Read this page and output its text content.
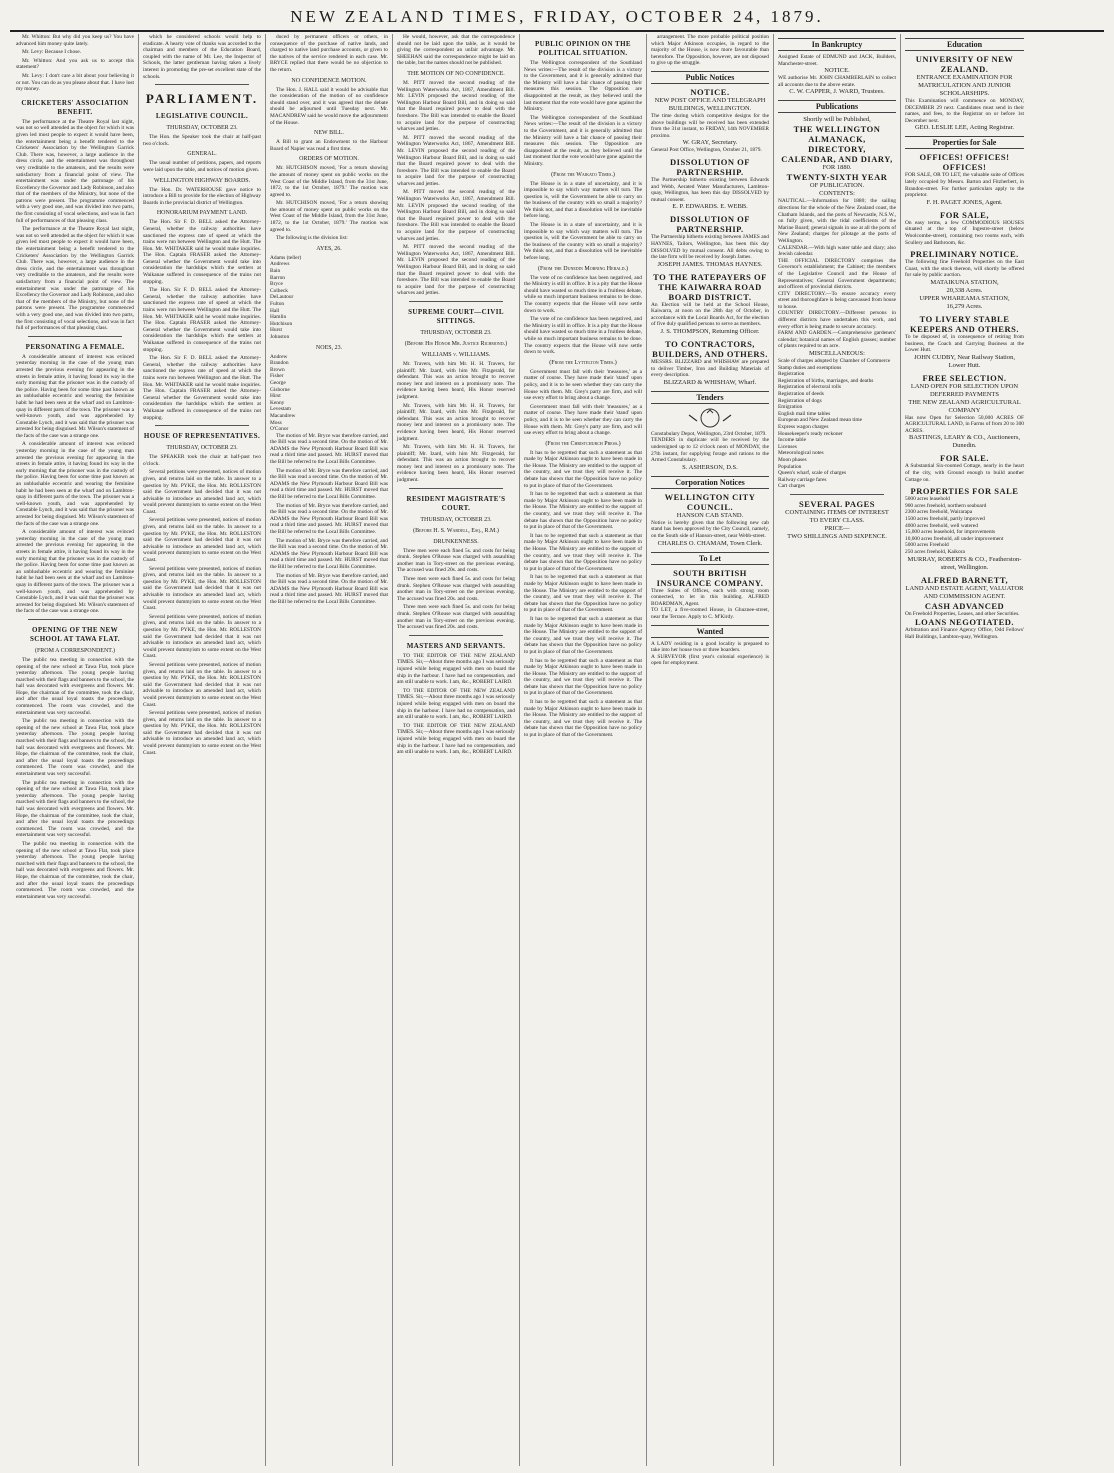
NEW ZEALAND TIMES, FRIDAY, OCTOBER 24, 1879.

Mr. Whitton: But why did you keep us? You have advanced him money quite lately.

Mr. Levy: Because I chose.

Mr. Whitton: And you ask us to accept this statement?

Mr. Levy: I don't care a bit about your believing it or not. You can do as you please about that. I have lost my money.

CRICKETERS' ASSOCIATION BENEFIT.

The performance at the Theatre Royal last night, was not so well attended as the object for which it was given led most people to expect it would have been, the entertainment being a benefit tendered to the Cricketers' Association by the Wellington Garrick Club. There was, however, a large audience in the dress circle, and the entertainment was throughout very creditable to the amateurs, and the results were satisfactory from a financial point of view. The entertainment was under the patronage of his Excellency the Governor and Lady Robinson, and also that of the members of the Ministry, but none of the patrons were present. The programme commenced with a very good one, and was divided into two parts, the first consisting of vocal selections, and was in fact full of performances of that pleasing class.

The performance at the Theatre Royal last night, was not so well attended as the object for which it was given led most people to expect it would have been, the entertainment being a benefit tendered to the Cricketers' Association by the Wellington Garrick Club. There was, however, a large audience in the dress circle, and the entertainment was throughout very creditable to the amateurs, and the results were satisfactory from a financial point of view. The entertainment was under the patronage of his Excellency the Governor and Lady Robinson, and also that of the members of the Ministry, but none of the patrons were present. The programme commenced with a very good one, and was divided into two parts, the first consisting of vocal selections, and was in fact full of performances of that pleasing class.

PERSONATING A FEMALE.

A considerable amount of interest was evinced yesterday morning in the case of the young man arrested the previous evening for appearing in the streets in female attire, it having found its way in the early morning that the prisoner was in the custody of the police. Having been for some time past known as an unblushable eccentric and wearing the feminine habit he had been seen at the wharf and on Lambton-quay in different parts of the town. The prisoner was a well-known youth, and was apprehended by Constable Lynch, and it was said that the prisoner was arrested for being disguised. Mr. Wilson's statement of the facts of the case was a strange one.

A considerable amount of interest was evinced yesterday morning in the case of the young man arrested the previous evening for appearing in the streets in female attire, it having found its way in the early morning that the prisoner was in the custody of the police. Having been for some time past known as an unblushable eccentric and wearing the feminine habit he had been seen at the wharf and on Lambton-quay in different parts of the town. The prisoner was a well-known youth, and was apprehended by Constable Lynch, and it was said that the prisoner was arrested for being disguised. Mr. Wilson's statement of the facts of the case was a strange one.

A considerable amount of interest was evinced yesterday morning in the case of the young man arrested the previous evening for appearing in the streets in female attire, it having found its way in the early morning that the prisoner was in the custody of the police. Having been for some time past known as an unblushable eccentric and wearing the feminine habit he had been seen at the wharf and on Lambton-quay in different parts of the town. The prisoner was a well-known youth, and was apprehended by Constable Lynch, and it was said that the prisoner was arrested for being disguised. Mr. Wilson's statement of the facts of the case was a strange one.

OPENING OF THE NEW SCHOOL AT TAWA FLAT.
(FROM A CORRESPONDENT.)

The public tea meeting in connection with the opening of the new school at Tawa Flat, took place yesterday afternoon. The young people having marched with their flags and banners to the school, the hall was decorated with evergreens and flowers. Mr. Hope, the chairman of the committee, took the chair, and after the usual loyal toasts the proceedings commenced. The room was crowded, and the entertainment was very successful.

The public tea meeting in connection with the opening of the new school at Tawa Flat, took place yesterday afternoon. The young people having marched with their flags and banners to the school, the hall was decorated with evergreens and flowers. Mr. Hope, the chairman of the committee, took the chair, and after the usual loyal toasts the proceedings commenced. The room was crowded, and the entertainment was very successful.

The public tea meeting in connection with the opening of the new school at Tawa Flat, took place yesterday afternoon. The young people having marched with their flags and banners to the school, the hall was decorated with evergreens and flowers. Mr. Hope, the chairman of the committee, took the chair, and after the usual loyal toasts the proceedings commenced. The room was crowded, and the entertainment was very successful.

The public tea meeting in connection with the opening of the new school at Tawa Flat, took place yesterday afternoon. The young people having marched with their flags and banners to the school, the hall was decorated with evergreens and flowers. Mr. Hope, the chairman of the committee, took the chair, and after the usual loyal toasts the proceedings commenced. The room was crowded, and the entertainment was very successful.

which he considered schools would help to eradicate. A hearty vote of thanks was accorded to the chairman and members of the Education Board, coupled with the name of Mr. Lee, the Inspector of Schools, the latter gentleman having taken a lively interest in promoting the pre-set excellent state of the schools.

PARLIAMENT.
LEGISLATIVE COUNCIL.
THURSDAY, OCTOBER 23.

The Hon. the Speaker took the chair at half-past two o'clock.

GENERAL.

The usual number of petitions, papers, and reports were laid upon the table, and notices of motion given.

WELLINGTON HIGHWAY BOARDS.

The Hon. Dr. WATERHOUSE gave notice to introduce a Bill to provide for the election of Highway Boards in the provincial district of Wellington.

HONORARIUM PAYMENT LAND.

The Hon. Sir F. D. BELL asked the Attorney-General, whether the railway authorities have sanctioned the express rate of speed at which the trains were run between Wellington and the Hutt. The Hon. Mr. WHITAKER said he would make inquiries. The Hon. Captain FRASER asked the Attorney-General whether the Government would take into consideration the hardships which the settlers at Waikanae suffered in consequence of the trains not stopping.

The Hon. Sir F. D. BELL asked the Attorney-General, whether the railway authorities have sanctioned the express rate of speed at which the trains were run between Wellington and the Hutt. The Hon. Mr. WHITAKER said he would make inquiries. The Hon. Captain FRASER asked the Attorney-General whether the Government would take into consideration the hardships which the settlers at Waikanae suffered in consequence of the trains not stopping.

The Hon. Sir F. D. BELL asked the Attorney-General, whether the railway authorities have sanctioned the express rate of speed at which the trains were run between Wellington and the Hutt. The Hon. Mr. WHITAKER said he would make inquiries. The Hon. Captain FRASER asked the Attorney-General whether the Government would take into consideration the hardships which the settlers at Waikanae suffered in consequence of the trains not stopping.

HOUSE OF REPRESENTATIVES.
THURSDAY, OCTOBER 23.

The SPEAKER took the chair at half-past two o'clock.

Several petitions were presented, notices of motion given, and returns laid on the table. In answer to a question by Mr. PYKE, the Hon. Mr. ROLLESTON said the Government had decided that it was not advisable to introduce an amended land act, which would prevent dummyism to some extent on the West Coast.

Several petitions were presented, notices of motion given, and returns laid on the table. In answer to a question by Mr. PYKE, the Hon. Mr. ROLLESTON said the Government had decided that it was not advisable to introduce an amended land act, which would prevent dummyism to some extent on the West Coast.

Several petitions were presented, notices of motion given, and returns laid on the table. In answer to a question by Mr. PYKE, the Hon. Mr. ROLLESTON said the Government had decided that it was not advisable to introduce an amended land act, which would prevent dummyism to some extent on the West Coast.

Several petitions were presented, notices of motion given, and returns laid on the table. In answer to a question by Mr. PYKE, the Hon. Mr. ROLLESTON said the Government had decided that it was not advisable to introduce an amended land act, which would prevent dummyism to some extent on the West Coast.

Several petitions were presented, notices of motion given, and returns laid on the table. In answer to a question by Mr. PYKE, the Hon. Mr. ROLLESTON said the Government had decided that it was not advisable to introduce an amended land act, which would prevent dummyism to some extent on the West Coast.

Several petitions were presented, notices of motion given, and returns laid on the table. In answer to a question by Mr. PYKE, the Hon. Mr. ROLLESTON said the Government had decided that it was not advisable to introduce an amended land act, which would prevent dummyism to some extent on the West Coast.

duced by permanent officers or others, in consequence of the purchase of native lands, and charged to native land purchase accounts, or given to the natives of the service rendered in each case. Mr. BRYCE replied that there would be no objection to the return.

NO CONFIDENCE MOTION.

The Hon. J. HALL said it would be advisable that the consideration of the motion of no confidence should stand over, and it was agreed that the debate should be adjourned until Tuesday next. Mr. MACANDREW said he would move the adjournment of the House.

NEW BILL.

A Bill to grant an Endowment to the Harbour Board of Napier was read a first time.

ORDERS OF MOTION.

Mr. HUTCHISON moved, 'For a return showing the amount of money spent on public works on the West Coast of the Middle Island, from the 31st June, 1872, to the 1st October, 1879.' The motion was agreed to.

Mr. HUTCHISON moved, 'For a return showing the amount of money spent on public works on the West Coast of the Middle Island, from the 31st June, 1872, to the 1st October, 1879.' The motion was agreed to.

The following is the division list:

AYES, 26.
Adams (teller)
Andrews
Bain
Barron
Bryce
Colbeck
DeLautour
Fulton
Hall
Hamlin
Hutchison
Hurst
Johnston
NOES, 23.
Andrew
Brandon
Brown
Fisher
George
Gisborne
Hirst
Kenny
Levestam
Macandrew
Moss
O'Conor

The motion of Mr. Bryce was therefore carried, and the Bill was read a second time. On the motion of Mr. ADAMS the New Plymouth Harbour Board Bill was read a third time and passed. Mr. HURST moved that the Bill be referred to the Local Bills Committee.

The motion of Mr. Bryce was therefore carried, and the Bill was read a second time. On the motion of Mr. ADAMS the New Plymouth Harbour Board Bill was read a third time and passed. Mr. HURST moved that the Bill be referred to the Local Bills Committee.

The motion of Mr. Bryce was therefore carried, and the Bill was read a second time. On the motion of Mr. ADAMS the New Plymouth Harbour Board Bill was read a third time and passed. Mr. HURST moved that the Bill be referred to the Local Bills Committee.

The motion of Mr. Bryce was therefore carried, and the Bill was read a second time. On the motion of Mr. ADAMS the New Plymouth Harbour Board Bill was read a third time and passed. Mr. HURST moved that the Bill be referred to the Local Bills Committee.

The motion of Mr. Bryce was therefore carried, and the Bill was read a second time. On the motion of Mr. ADAMS the New Plymouth Harbour Board Bill was read a third time and passed. Mr. HURST moved that the Bill be referred to the Local Bills Committee.

He would, however, ask that the correspondence should not be laid upon the table, as it would be giving the correspondent an unfair advantage. Mr. SHEEHAN said the correspondence might be laid on the table, but the names should not be published.

THE MOTION OF NO CONFIDENCE.

M. PITT moved the second reading of the Wellington Waterworks Act, 1867, Amendment Bill. Mr. LEVIN proposed the second reading of the Wellington Harbour Board Bill, and in doing so said that the Board required power to deal with the foreshore. The Bill was intended to enable the Board to acquire land for the purpose of constructing wharves and jetties.

M. PITT moved the second reading of the Wellington Waterworks Act, 1867, Amendment Bill. Mr. LEVIN proposed the second reading of the Wellington Harbour Board Bill, and in doing so said that the Board required power to deal with the foreshore. The Bill was intended to enable the Board to acquire land for the purpose of constructing wharves and jetties.

M. PITT moved the second reading of the Wellington Waterworks Act, 1867, Amendment Bill. Mr. LEVIN proposed the second reading of the Wellington Harbour Board Bill, and in doing so said that the Board required power to deal with the foreshore. The Bill was intended to enable the Board to acquire land for the purpose of constructing wharves and jetties.

M. PITT moved the second reading of the Wellington Waterworks Act, 1867, Amendment Bill. Mr. LEVIN proposed the second reading of the Wellington Harbour Board Bill, and in doing so said that the Board required power to deal with the foreshore. The Bill was intended to enable the Board to acquire land for the purpose of constructing wharves and jetties.

SUPREME COURT—CIVIL SITTINGS.
THURSDAY, OCTOBER 23.
(Before His Honor Mr. Justice Richmond.)
WILLIAMS v. WILLIAMS.

Mr. Travers, with him Mr. H. H. Travers, for plaintiff; Mr. Izard, with him Mr. Fitzgerald, for defendant. This was an action brought to recover money lent and interest on a promissory note. The evidence having been heard, His Honor reserved judgment.

Mr. Travers, with him Mr. H. H. Travers, for plaintiff; Mr. Izard, with him Mr. Fitzgerald, for defendant. This was an action brought to recover money lent and interest on a promissory note. The evidence having been heard, His Honor reserved judgment.

Mr. Travers, with him Mr. H. H. Travers, for plaintiff; Mr. Izard, with him Mr. Fitzgerald, for defendant. This was an action brought to recover money lent and interest on a promissory note. The evidence having been heard, His Honor reserved judgment.

RESIDENT MAGISTRATE'S COURT.
THURSDAY, OCTOBER 23.
(Before H. S. Wardell, Esq., R.M.)
DRUNKENNESS.

Three men were each fined 5s. and costs for being drunk. Stephen O'Rouse was charged with assaulting another man in Tory-street on the previous evening. The accused was fined 20s. and costs.

Three men were each fined 5s. and costs for being drunk. Stephen O'Rouse was charged with assaulting another man in Tory-street on the previous evening. The accused was fined 20s. and costs.

Three men were each fined 5s. and costs for being drunk. Stephen O'Rouse was charged with assaulting another man in Tory-street on the previous evening. The accused was fined 20s. and costs.

MASTERS AND SERVANTS.

TO THE EDITOR OF THE NEW ZEALAND TIMES. Sir,—About three months ago I was seriously injured while being engaged with men on board the ship in the harbour. I have had no compensation, and am still unable to work. I am, &c., ROBERT LAIRD.

TO THE EDITOR OF THE NEW ZEALAND TIMES. Sir,—About three months ago I was seriously injured while being engaged with men on board the ship in the harbour. I have had no compensation, and am still unable to work. I am, &c., ROBERT LAIRD.

TO THE EDITOR OF THE NEW ZEALAND TIMES. Sir,—About three months ago I was seriously injured while being engaged with men on board the ship in the harbour. I have had no compensation, and am still unable to work. I am, &c., ROBERT LAIRD.

PUBLIC OPINION ON THE POLITICAL SITUATION.

The Wellington correspondent of the Southland News writes:—The result of the division is a victory to the Government, and it is generally admitted that the Ministry will have a fair chance of passing their measures this session. The Opposition are disappointed at the result, as they believed until the last moment that the vote would have gone against the Ministry.

The Wellington correspondent of the Southland News writes:—The result of the division is a victory to the Government, and it is generally admitted that the Ministry will have a fair chance of passing their measures this session. The Opposition are disappointed at the result, as they believed until the last moment that the vote would have gone against the Ministry.

(From the Waikato Times.)

The House is in a state of uncertainty, and it is impossible to say which way matters will turn. The question is, will the Government be able to carry on the business of the country with so small a majority? We think not, and that a dissolution will be inevitable before long.

The House is in a state of uncertainty, and it is impossible to say which way matters will turn. The question is, will the Government be able to carry on the business of the country with so small a majority? We think not, and that a dissolution will be inevitable before long.

(From the Dunedin Morning Herald.)

The vote of no confidence has been negatived, and the Ministry is still in office. It is a pity that the House should have wasted so much time in a fruitless debate, while so much important business remains to be done. The country expects that the House will now settle down to work.

The vote of no confidence has been negatived, and the Ministry is still in office. It is a pity that the House should have wasted so much time in a fruitless debate, while so much important business remains to be done. The country expects that the House will now settle down to work.

(From the Lyttelton Times.)

Government must fall with their 'measures,' as a matter of course. They have made their 'stand' upon policy, and it is to be seen whether they can carry the House with them. Mr. Grey's party are firm, and will use every effort to bring about a change.

Government must fall with their 'measures,' as a matter of course. They have made their 'stand' upon policy, and it is to be seen whether they can carry the House with them. Mr. Grey's party are firm, and will use every effort to bring about a change.

(From the Christchurch Press.)

It has to be regretted that such a statement as that made by Major Atkinson ought to have been made in the House. The Ministry are entitled to the support of the country, and we trust they will receive it. The debate has shown that the Opposition have no policy to put in place of that of the Government.

It has to be regretted that such a statement as that made by Major Atkinson ought to have been made in the House. The Ministry are entitled to the support of the country, and we trust they will receive it. The debate has shown that the Opposition have no policy to put in place of that of the Government.

It has to be regretted that such a statement as that made by Major Atkinson ought to have been made in the House. The Ministry are entitled to the support of the country, and we trust they will receive it. The debate has shown that the Opposition have no policy to put in place of that of the Government.

It has to be regretted that such a statement as that made by Major Atkinson ought to have been made in the House. The Ministry are entitled to the support of the country, and we trust they will receive it. The debate has shown that the Opposition have no policy to put in place of that of the Government.

It has to be regretted that such a statement as that made by Major Atkinson ought to have been made in the House. The Ministry are entitled to the support of the country, and we trust they will receive it. The debate has shown that the Opposition have no policy to put in place of that of the Government.

It has to be regretted that such a statement as that made by Major Atkinson ought to have been made in the House. The Ministry are entitled to the support of the country, and we trust they will receive it. The debate has shown that the Opposition have no policy to put in place of that of the Government.

It has to be regretted that such a statement as that made by Major Atkinson ought to have been made in the House. The Ministry are entitled to the support of the country, and we trust they will receive it. The debate has shown that the Opposition have no policy to put in place of that of the Government.

arrangement. The more probable political position which Major Atkinson occupies, in regard to the majority of the House, is now more favourable than heretofore. The Opposition, however, are not disposed to give up the struggle.

Public Notices
NOTICE.
NEW POST OFFICE AND TELEGRAPH BUILDINGS, WELLINGTON.
The time during which competitive designs for the above buildings will be received has been extended from the 31st instant, to FRIDAY, 14th NOVEMBER proximo.
W. GRAY, Secretary.
General Post Office, Wellington, October 21, 1879.
DISSOLUTION OF PARTNERSHIP.
The Partnership hitherto existing between Edwards and Webb, Aerated Water Manufacturers, Lambton-quay, Wellington, has been this day DISSOLVED by mutual consent.
E. P. EDWARDS. E. WEBB.
DISSOLUTION OF PARTNERSHIP.
The Partnership hitherto existing between JAMES and HAYNES, Tailors, Wellington, has been this day DISSOLVED by mutual consent. All debts owing to the late firm will be received by Joseph James.
JOSEPH JAMES. THOMAS HAYNES.
TO THE RATEPAYERS OF THE KAIWARRA ROAD BOARD DISTRICT.
An Election will be held at the School House, Kaiwarra, at noon on the 28th day of October, in accordance with the Local Boards Act, for the election of five duly qualified persons to serve as members.
J. S. THOMPSON, Returning Officer.
TO CONTRACTORS, BUILDERS, AND OTHERS.
MESSRS. BLIZZARD and WHISHAW are prepared to deliver Timber, Iron and Building Materials of every description.
BLIZZARD & WHISHAW, Wharf.
Tenders
Constabulary Depot, Wellington, 23rd October, 1879.
TENDERS in duplicate will be received by the undersigned up to 12 o'clock noon of MONDAY, the 27th instant, for supplying forage and rations to the Armed Constabulary.
S. ASHERSON, D.S.
Corporation Notices
WELLINGTON CITY COUNCIL.
HANSON CAB STAND.
Notice is hereby given that the following new cab stand has been approved by the City Council, namely, on the South side of Hanson-street, near Webb-street.
CHARLES O. CHAMAM, Town Clerk.
To Let
SOUTH BRITISH INSURANCE COMPANY.
Three Suites of Offices, each with strong room connected, to let in this building. ALFRED BOARDMAN, Agent.
TO LET, a five-roomed House, in Ghuznee-street, near the Terrace. Apply to C. M'Kirdy.
Wanted
A LADY residing in a good locality is prepared to take into her house two or three boarders.
A SURVEYOR (first year's colonial experience) is open for employment.
In Bankruptcy
Assigned Estate of EDMUND and JACK, Builders, Manchester-street.
NOTICE.
WE authorise Mr. JOHN CHAMBERLAIN to collect all accounts due to the above estate.
C. W. CAPPER, J. WARD, Trustees.
Publications
Shortly will be Published,
THE WELLINGTON ALMANACK,
DIRECTORY,
CALENDAR, AND DIARY,
FOR 1880.
TWENTY-SIXTH YEAR
OF PUBLICATION.
CONTENTS:
NAUTICAL.—Information for 1880; the sailing directions for the whole of the New Zealand coast, the Chatham Islands, and the ports of Newcastle, N.S.W., on fully given, with the tidal coefficients of the Marine Board; general signals in use at all the ports of New Zealand; charges for pilotage at the ports of Wellington.
CALENDAR.—With high water table and diary; also Jewish calendar.
THE OFFICIAL DIRECTORY comprises the Governor's establishment; the Cabinet; the members of the Legislative Council and the House of Representatives; General Government departments; and officers of provincial districts.
CITY DIRECTORY.—To ensure accuracy every street and thoroughfare is being canvassed from house to house.
COUNTRY DIRECTORY.—Different persons in different districts have undertaken this work, and every effort is being made to secure accuracy.
FARM AND GARDEN.—Comprehensive gardeners' calendar; botanical names of English grasses; number of plants required to an acre.
MISCELLANEOUS:
Scale of charges adopted by Chamber of Commerce
Stamp duties and exemptions
Registration
Registration of births, marriages, and deaths
Registration of electoral rolls
Registration of deeds
Registration of dogs
Emigration
English mail time tables
European and New Zealand mean time
Express wagon charges
Housekeeper's ready reckoner
Income table
Licenses
Meteorological notes
Moon phases
Population
Queen's wharf, scale of charges
Railway carriage fares
Cart charges
SEVERAL PAGES
CONTAINING ITEMS OF INTEREST
TO EVERY CLASS.
PRICE—
TWO SHILLINGS AND SIXPENCE.
Education
UNIVERSITY OF NEW ZEALAND.
ENTRANCE EXAMINATION FOR MATRICULATION AND JUNIOR SCHOLARSHIPS.
This Examination will commence on MONDAY, DECEMBER 29 next. Candidates must send in their names, and fees, to the Registrar on or before 1st December next.
GEO. LESLIE LEE, Acting Registrar.
Properties for Sale
OFFICES! OFFICES! OFFICES!
FOR SALE, OR TO LET, the valuable suite of Offices lately occupied by Messrs. Barton and Fitzherbert, in Brandon-street. For further particulars apply to the proprietor.
F. H. PAGET JONES, Agent.
FOR SALE,
On easy terms, a few COMMODIOUS HOUSES situated at the top of Ingestre-street (below Woolcombe-street), containing two rooms each, with Scullery and Bathroom, &c.
PRELIMINARY NOTICE.
The following fine Freehold Properties on the East Coast, with the stock thereon, will shortly be offered for sale by public auction.
MATAIKUNA STATION,
20,338 Acres.
UPPER WHAREAMA STATION,
16,279 Acres.
TO LIVERY STABLE KEEPERS AND OTHERS.
To be disposed of, in consequence of retiring from business, the Coach and Carrying Business at the Lower Hutt.
JOHN CUDBY, Near Railway Station, Lower Hutt.
FREE SELECTION.
LAND OPEN FOR SELECTION UPON DEFERRED PAYMENTS
THE NEW ZEALAND AGRICULTURAL COMPANY
Has now Open for Selection 50,000 ACRES OF AGRICULTURAL LAND, in Farms of from 20 to 300 ACRES.
BASTINGS, LEARY & CO., Auctioneers, Dunedin.
FOR SALE.
A Substantial Six-roomed Cottage, nearly in the heart of the city, with Ground enough to build another Cottage on.
PROPERTIES FOR SALE
5000 acres leasehold
900 acres freehold, northern seaboard
2300 acres freehold, Wairarapa
1500 acres freehold, partly improved
4000 acres freehold, well watered
15,000 acres leasehold, for improvements
10,000 acres freehold, all under improvement
5000 acres Freehold
250 acres freehold, Kaikora
MURRAY, ROBERTS & CO., Featherston-street, Wellington.
ALFRED BARNETT,
LAND AND ESTATE AGENT, VALUATOR AND COMMISSION AGENT.
CASH ADVANCED
On Freehold Properties, Leases, and other Securities.
LOANS NEGOTIATED.
Arbitration and Finance Agency Office, Odd Fellows' Hall Buildings, Lambton-quay, Wellington.
